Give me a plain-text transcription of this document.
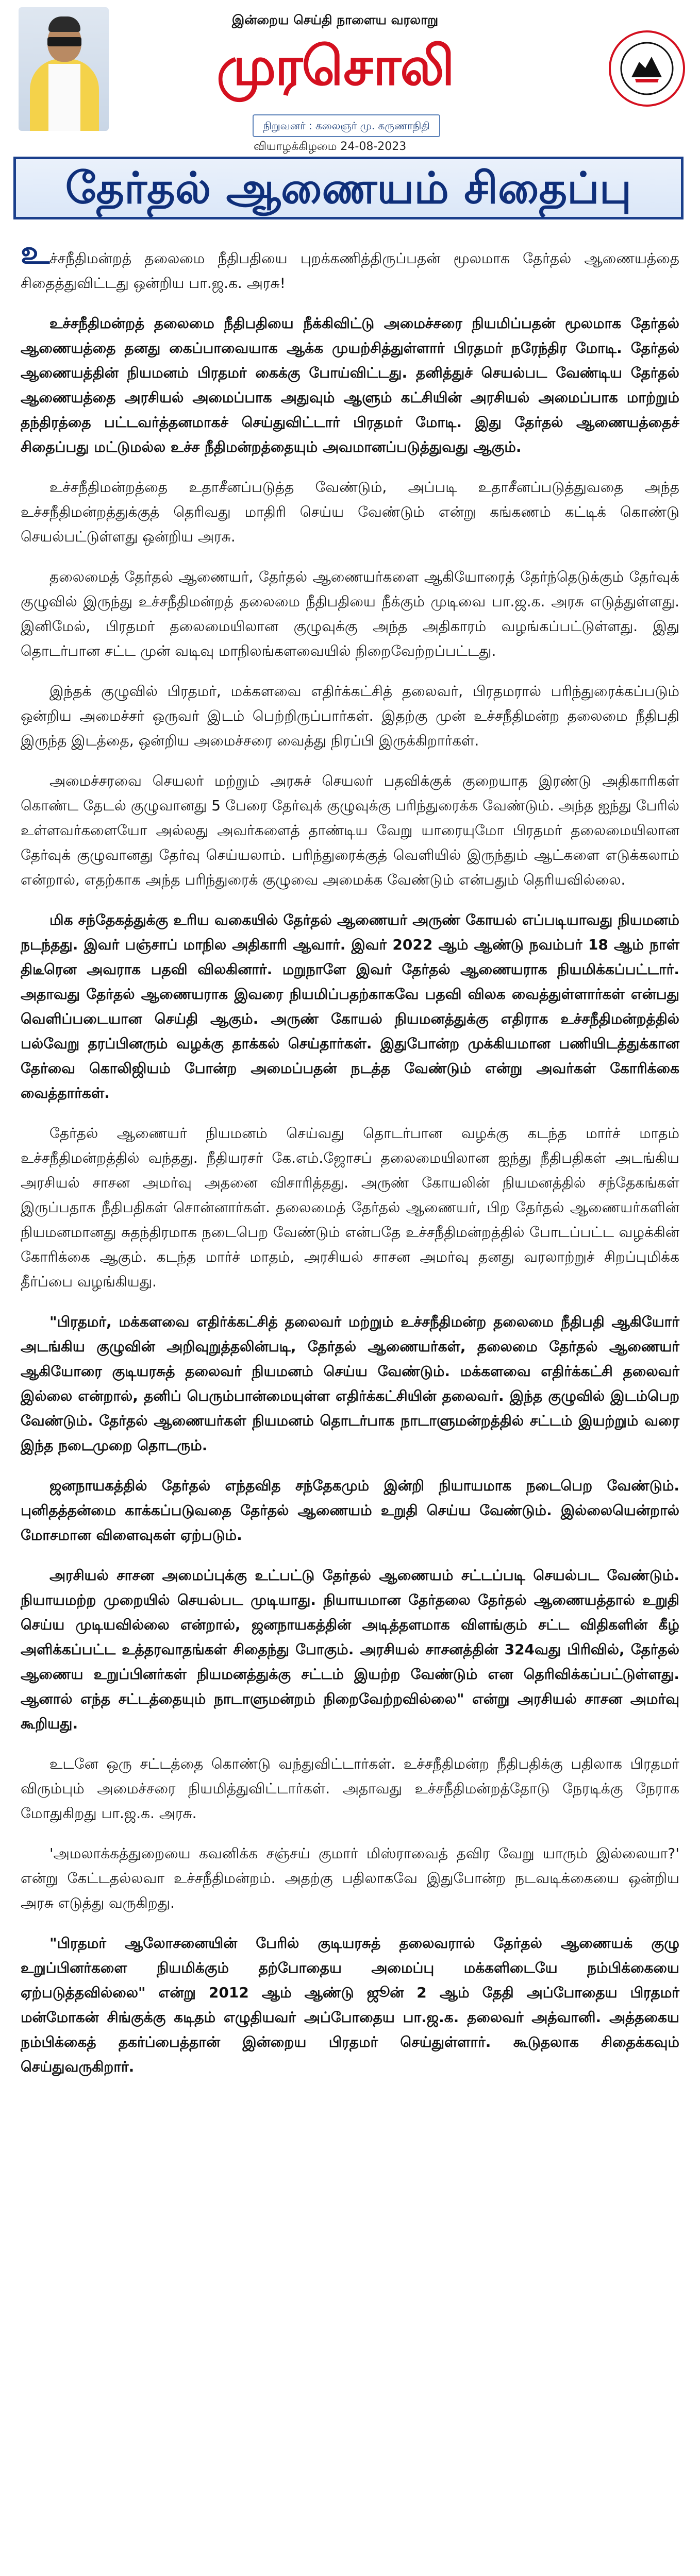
இன்றைய செய்தி நாளைய வரலாறு
முரசொலி
நிறுவனர் : கலைஞர் மு. கருணாநிதி
வியாழக்கிழமை 24-08-2023
தேர்தல் ஆணையம் சிதைப்பு

உச்சநீதிமன்றத் தலைமை நீதிபதியை புறக்கணித்திருப்பதன் மூலமாக தேர்தல் ஆணையத்தை சிதைத்துவிட்டது ஒன்றிய பா.ஜ.க. அரசு!

உச்சநீதிமன்றத் தலைமை நீதிபதியை நீக்கிவிட்டு அமைச்சரை நியமிப்பதன் மூலமாக தேர்தல் ஆணையத்தை தனது கைப்பாவையாக ஆக்க முயற்சித்துள்ளார் பிரதமர் நரேந்திர மோடி. தேர்தல் ஆணையத்தின் நியமனம் பிரதமர் கைக்கு போய்விட்டது. தனித்துச் செயல்பட வேண்டிய தேர்தல் ஆணையத்தை அரசியல் அமைப்பாக அதுவும் ஆளும் கட்சியின் அரசியல் அமைப்பாக மாற்றும் தந்திரத்தை பட்டவர்த்தனமாகச் செய்துவிட்டார் பிரதமர் மோடி. இது தேர்தல் ஆணையத்தைச் சிதைப்பது மட்டுமல்ல உச்ச நீதிமன்றத்தையும் அவமானப்படுத்துவது ஆகும்.

உச்சநீதிமன்றத்தை உதாசீனப்படுத்த வேண்டும், அப்படி உதாசீனப்படுத்துவதை அந்த உச்சநீதிமன்றத்துக்குத் தெரிவது மாதிரி செய்ய வேண்டும் என்று கங்கணம் கட்டிக் கொண்டு செயல்பட்டுள்ளது ஒன்றிய அரசு.

தலைமைத் தேர்தல் ஆணையர், தேர்தல் ஆணையர்களை ஆகியோரைத் தேர்ந்தெடுக்கும் தேர்வுக் குழுவில் இருந்து உச்சநீதிமன்றத் தலைமை நீதிபதியை நீக்கும் முடிவை பா.ஜ.க. அரசு எடுத்துள்ளது. இனிமேல், பிரதமர் தலைமையிலான குழுவுக்கு அந்த அதிகாரம் வழங்கப்பட்டுள்ளது. இது தொடர்பான சட்ட முன் வடிவு மாநிலங்களவையில் நிறைவேற்றப்பட்டது.

இந்தக் குழுவில் பிரதமர், மக்களவை எதிர்க்கட்சித் தலைவர், பிரதமரால் பரிந்துரைக்கப்படும் ஒன்றிய அமைச்சர் ஒருவர் இடம் பெற்றிருப்பார்கள். இதற்கு முன் உச்சநீதிமன்ற தலைமை நீதிபதி இருந்த இடத்தை, ஒன்றிய அமைச்சரை வைத்து நிரப்பி இருக்கிறார்கள்.

அமைச்சரவை செயலர் மற்றும் அரசுச் செயலர் பதவிக்குக் குறையாத இரண்டு அதிகாரிகள் கொண்ட தேடல் குழுவானது 5 பேரை தேர்வுக் குழுவுக்கு பரிந்துரைக்க வேண்டும். அந்த ஐந்து பேரில் உள்ளவர்களையோ அல்லது அவர்களைத் தாண்டிய வேறு யாரையுமோ பிரதமர் தலைமையிலான தேர்வுக் குழுவானது தேர்வு செய்யலாம். பரிந்துரைக்குத் வெளியில் இருந்தும் ஆட்களை எடுக்கலாம் என்றால், எதற்காக அந்த பரிந்துரைக் குழுவை அமைக்க வேண்டும் என்பதும் தெரியவில்லை.

மிக சந்தேகத்துக்கு உரிய வகையில் தேர்தல் ஆணையர் அருண் கோயல் எப்படியாவது நியமனம் நடந்தது. இவர் பஞ்சாப் மாநில அதிகாரி ஆவார். இவர் 2022 ஆம் ஆண்டு நவம்பர் 18 ஆம் நாள் திடீரென அவராக பதவி விலகினார். மறுநாளே இவர் தேர்தல் ஆணையராக நியமிக்கப்பட்டார். அதாவது தேர்தல் ஆணையராக இவரை நியமிப்பதற்காகவே பதவி விலக வைத்துள்ளார்கள் என்பது வெளிப்படையான செய்தி ஆகும். அருண் கோயல் நியமனத்துக்கு எதிராக உச்சநீதிமன்றத்தில் பல்வேறு தரப்பினரும் வழக்கு தாக்கல் செய்தார்கள். இதுபோன்ற முக்கியமான பணியிடத்துக்கான தேர்வை கொலிஜியம் போன்ற அமைப்பதன் நடத்த வேண்டும் என்று அவர்கள் கோரிக்கை வைத்தார்கள்.

தேர்தல் ஆணையர் நியமனம் செய்வது தொடர்பான வழக்கு கடந்த மார்ச் மாதம் உச்சநீதிமன்றத்தில் வந்தது. நீதியரசர் கே.எம்.ஜோசப் தலைமையிலான ஐந்து நீதிபதிகள் அடங்கிய அரசியல் சாசன அமர்வு அதனை விசாரித்தது. அருண் கோயலின் நியமனத்தில் சந்தேகங்கள் இருப்பதாக நீதிபதிகள் சொன்னார்கள். தலைமைத் தேர்தல் ஆணையர், பிற தேர்தல் ஆணையர்களின் நியமனமானது சுதந்திரமாக நடைபெற வேண்டும் என்பதே உச்சநீதிமன்றத்தில் போடப்பட்ட வழக்கின் கோரிக்கை ஆகும். கடந்த மார்ச் மாதம், அரசியல் சாசன அமர்வு தனது வரலாற்றுச் சிறப்புமிக்க தீர்ப்பை வழங்கியது.

"பிரதமர், மக்களவை எதிர்க்கட்சித் தலைவர் மற்றும் உச்சநீதிமன்ற தலைமை நீதிபதி ஆகியோர் அடங்கிய குழுவின் அறிவுறுத்தலின்படி, தேர்தல் ஆணையர்கள், தலைமை தேர்தல் ஆணையர் ஆகியோரை குடியரசுத் தலைவர் நியமனம் செய்ய வேண்டும். மக்களவை எதிர்க்கட்சி தலைவர் இல்லை என்றால், தனிப் பெரும்பான்மையுள்ள எதிர்க்கட்சியின் தலைவர். இந்த குழுவில் இடம்பெற வேண்டும். தேர்தல் ஆணையர்கள் நியமனம் தொடர்பாக நாடாளுமன்றத்தில் சட்டம் இயற்றும் வரை இந்த நடைமுறை தொடரும்.

ஜனநாயகத்தில் தேர்தல் எந்தவித சந்தேகமும் இன்றி நியாயமாக நடைபெற வேண்டும். புனிதத்தன்மை காக்கப்படுவதை தேர்தல் ஆணையம் உறுதி செய்ய வேண்டும். இல்லையென்றால் மோசமான விளைவுகள் ஏற்படும்.

அரசியல் சாசன அமைப்புக்கு உட்பட்டு தேர்தல் ஆணையம் சட்டப்படி செயல்பட வேண்டும். நியாயமற்ற முறையில் செயல்பட முடியாது. நியாயமான தேர்தலை தேர்தல் ஆணையத்தால் உறுதி செய்ய முடியவில்லை என்றால், ஜனநாயகத்தின் அடித்தளமாக விளங்கும் சட்ட விதிகளின் கீழ் அளிக்கப்பட்ட உத்தரவாதங்கள் சிதைந்து போகும். அரசியல் சாசனத்தின் 324வது பிரிவில், தேர்தல் ஆணைய உறுப்பினர்கள் நியமனத்துக்கு சட்டம் இயற்ற வேண்டும் என தெரிவிக்கப்பட்டுள்ளது. ஆனால் எந்த சட்டத்தையும் நாடாளுமன்றம் நிறைவேற்றவில்லை" என்று அரசியல் சாசன அமர்வு கூறியது.

உடனே ஒரு சட்டத்தை கொண்டு வந்துவிட்டார்கள். உச்சநீதிமன்ற நீதிபதிக்கு பதிலாக பிரதமர் விரும்பும் அமைச்சரை நியமித்துவிட்டார்கள். அதாவது உச்சநீதிமன்றத்தோடு நேரடிக்கு நேராக மோதுகிறது பா.ஜ.க. அரசு.

'அமலாக்கத்துறையை கவனிக்க சஞ்சய் குமார் மிஸ்ராவைத் தவிர வேறு யாரும் இல்லையா?' என்று கேட்டதல்லவா உச்சநீதிமன்றம். அதற்கு பதிலாகவே இதுபோன்ற நடவடிக்கையை ஒன்றிய அரசு எடுத்து வருகிறது.

"பிரதமர் ஆலோசனையின் பேரில் குடியரசுத் தலைவரால் தேர்தல் ஆணையக் குழு உறுப்பினர்களை நியமிக்கும் தற்போதைய அமைப்பு மக்களிடையே நம்பிக்கையை ஏற்படுத்தவில்லை" என்று 2012 ஆம் ஆண்டு ஜூன் 2 ஆம் தேதி அப்போதைய பிரதமர் மன்மோகன் சிங்குக்கு கடிதம் எழுதியவர் அப்போதைய பா.ஜ.க. தலைவர் அத்வானி. அத்தகைய நம்பிக்கைத் தகர்ப்பைத்தான் இன்றைய பிரதமர் செய்துள்ளார். கூடுதலாக சிதைக்கவும் செய்துவருகிறார்.
